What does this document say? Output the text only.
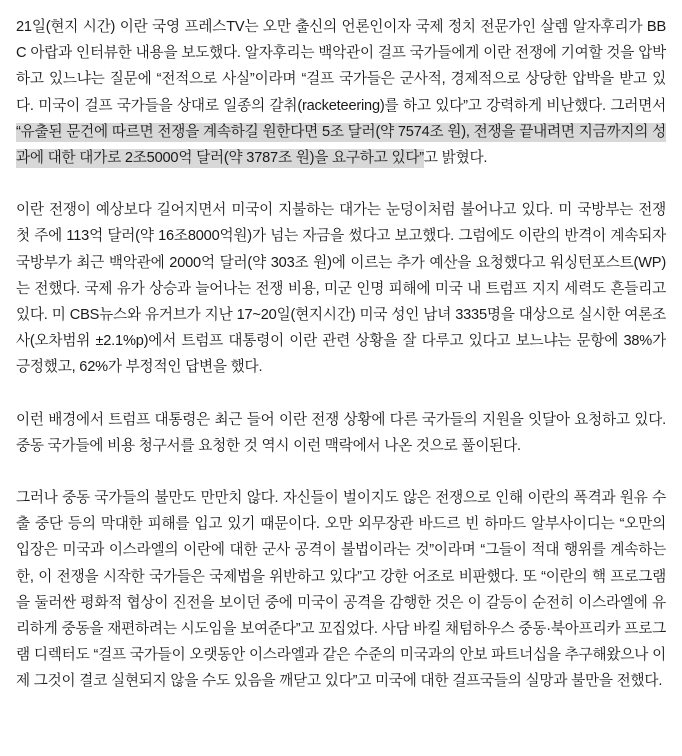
21일(현지 시간) 이란 국영 프레스TV는 오만 출신의 언론인이자 국제 정치 전문가인 살렘 알자후리가 BBC 아랍과 인터뷰한 내용을 보도했다. 알자후리는 백악관이 걸프 국가들에게 이란 전쟁에 기여할 것을 압박하고 있느냐는 질문에 “전적으로 사실”이라며 “걸프 국가들은 군사적, 경제적으로 상당한 압박을 받고 있다. 미국이 걸프 국가들을 상대로 일종의 갈취(racketeering)를 하고 있다”고 강력하게 비난했다. 그러면서 “유출된 문건에 따르면 전쟁을 계속하길 원한다면 5조 달러(약 7574조 원), 전쟁을 끝내려면 지금까지의 성과에 대한 대가로 2조5000억 달러(약 3787조 원)을 요구하고 있다”고 밝혔다.

이란 전쟁이 예상보다 길어지면서 미국이 지불하는 대가는 눈덩이처럼 불어나고 있다. 미 국방부는 전쟁 첫 주에 113억 달러(약 16조8000억원)가 넘는 자금을 썼다고 보고했다. 그럼에도 이란의 반격이 계속되자 국방부가 최근 백악관에 2000억 달러(약 303조 원)에 이르는 추가 예산을 요청했다고 워싱턴포스트(WP)는 전했다. 국제 유가 상승과 늘어나는 전쟁 비용, 미군 인명 피해에 미국 내 트럼프 지지 세력도 흔들리고 있다. 미 CBS뉴스와 유거브가 지난 17~20일(현지시간) 미국 성인 남녀 3335명을 대상으로 실시한 여론조사(오차범위 ±2.1%p)에서 트럼프 대통령이 이란 관련 상황을 잘 다루고 있다고 보느냐는 문항에 38%가 긍정했고, 62%가 부정적인 답변을 했다.

이런 배경에서 트럼프 대통령은 최근 들어 이란 전쟁 상황에 다른 국가들의 지원을 잇달아 요청하고 있다. 중동 국가들에 비용 청구서를 요청한 것 역시 이런 맥락에서 나온 것으로 풀이된다.

그러나 중동 국가들의 불만도 만만치 않다. 자신들이 벌이지도 않은 전쟁으로 인해 이란의 폭격과 원유 수출 중단 등의 막대한 피해를 입고 있기 때문이다. 오만 외무장관 바드르 빈 하마드 알부사이디는 “오만의 입장은 미국과 이스라엘의 이란에 대한 군사 공격이 불법이라는 것”이라며 “그들이 적대 행위를 계속하는 한, 이 전쟁을 시작한 국가들은 국제법을 위반하고 있다”고 강한 어조로 비판했다. 또 “이란의 핵 프로그램을 둘러싼 평화적 협상이 진전을 보이던 중에 미국이 공격을 감행한 것은 이 갈등이 순전히 이스라엘에 유리하게 중동을 재편하려는 시도임을 보여준다”고 꼬집었다. 사담 바킬 채텀하우스 중동·북아프리카 프로그램 디렉터도 “걸프 국가들이 오랫동안 이스라엘과 같은 수준의 미국과의 안보 파트너십을 추구해왔으나 이제 그것이 결코 실현되지 않을 수도 있음을 깨닫고 있다”고 미국에 대한 걸프국들의 실망과 불만을 전했다.
